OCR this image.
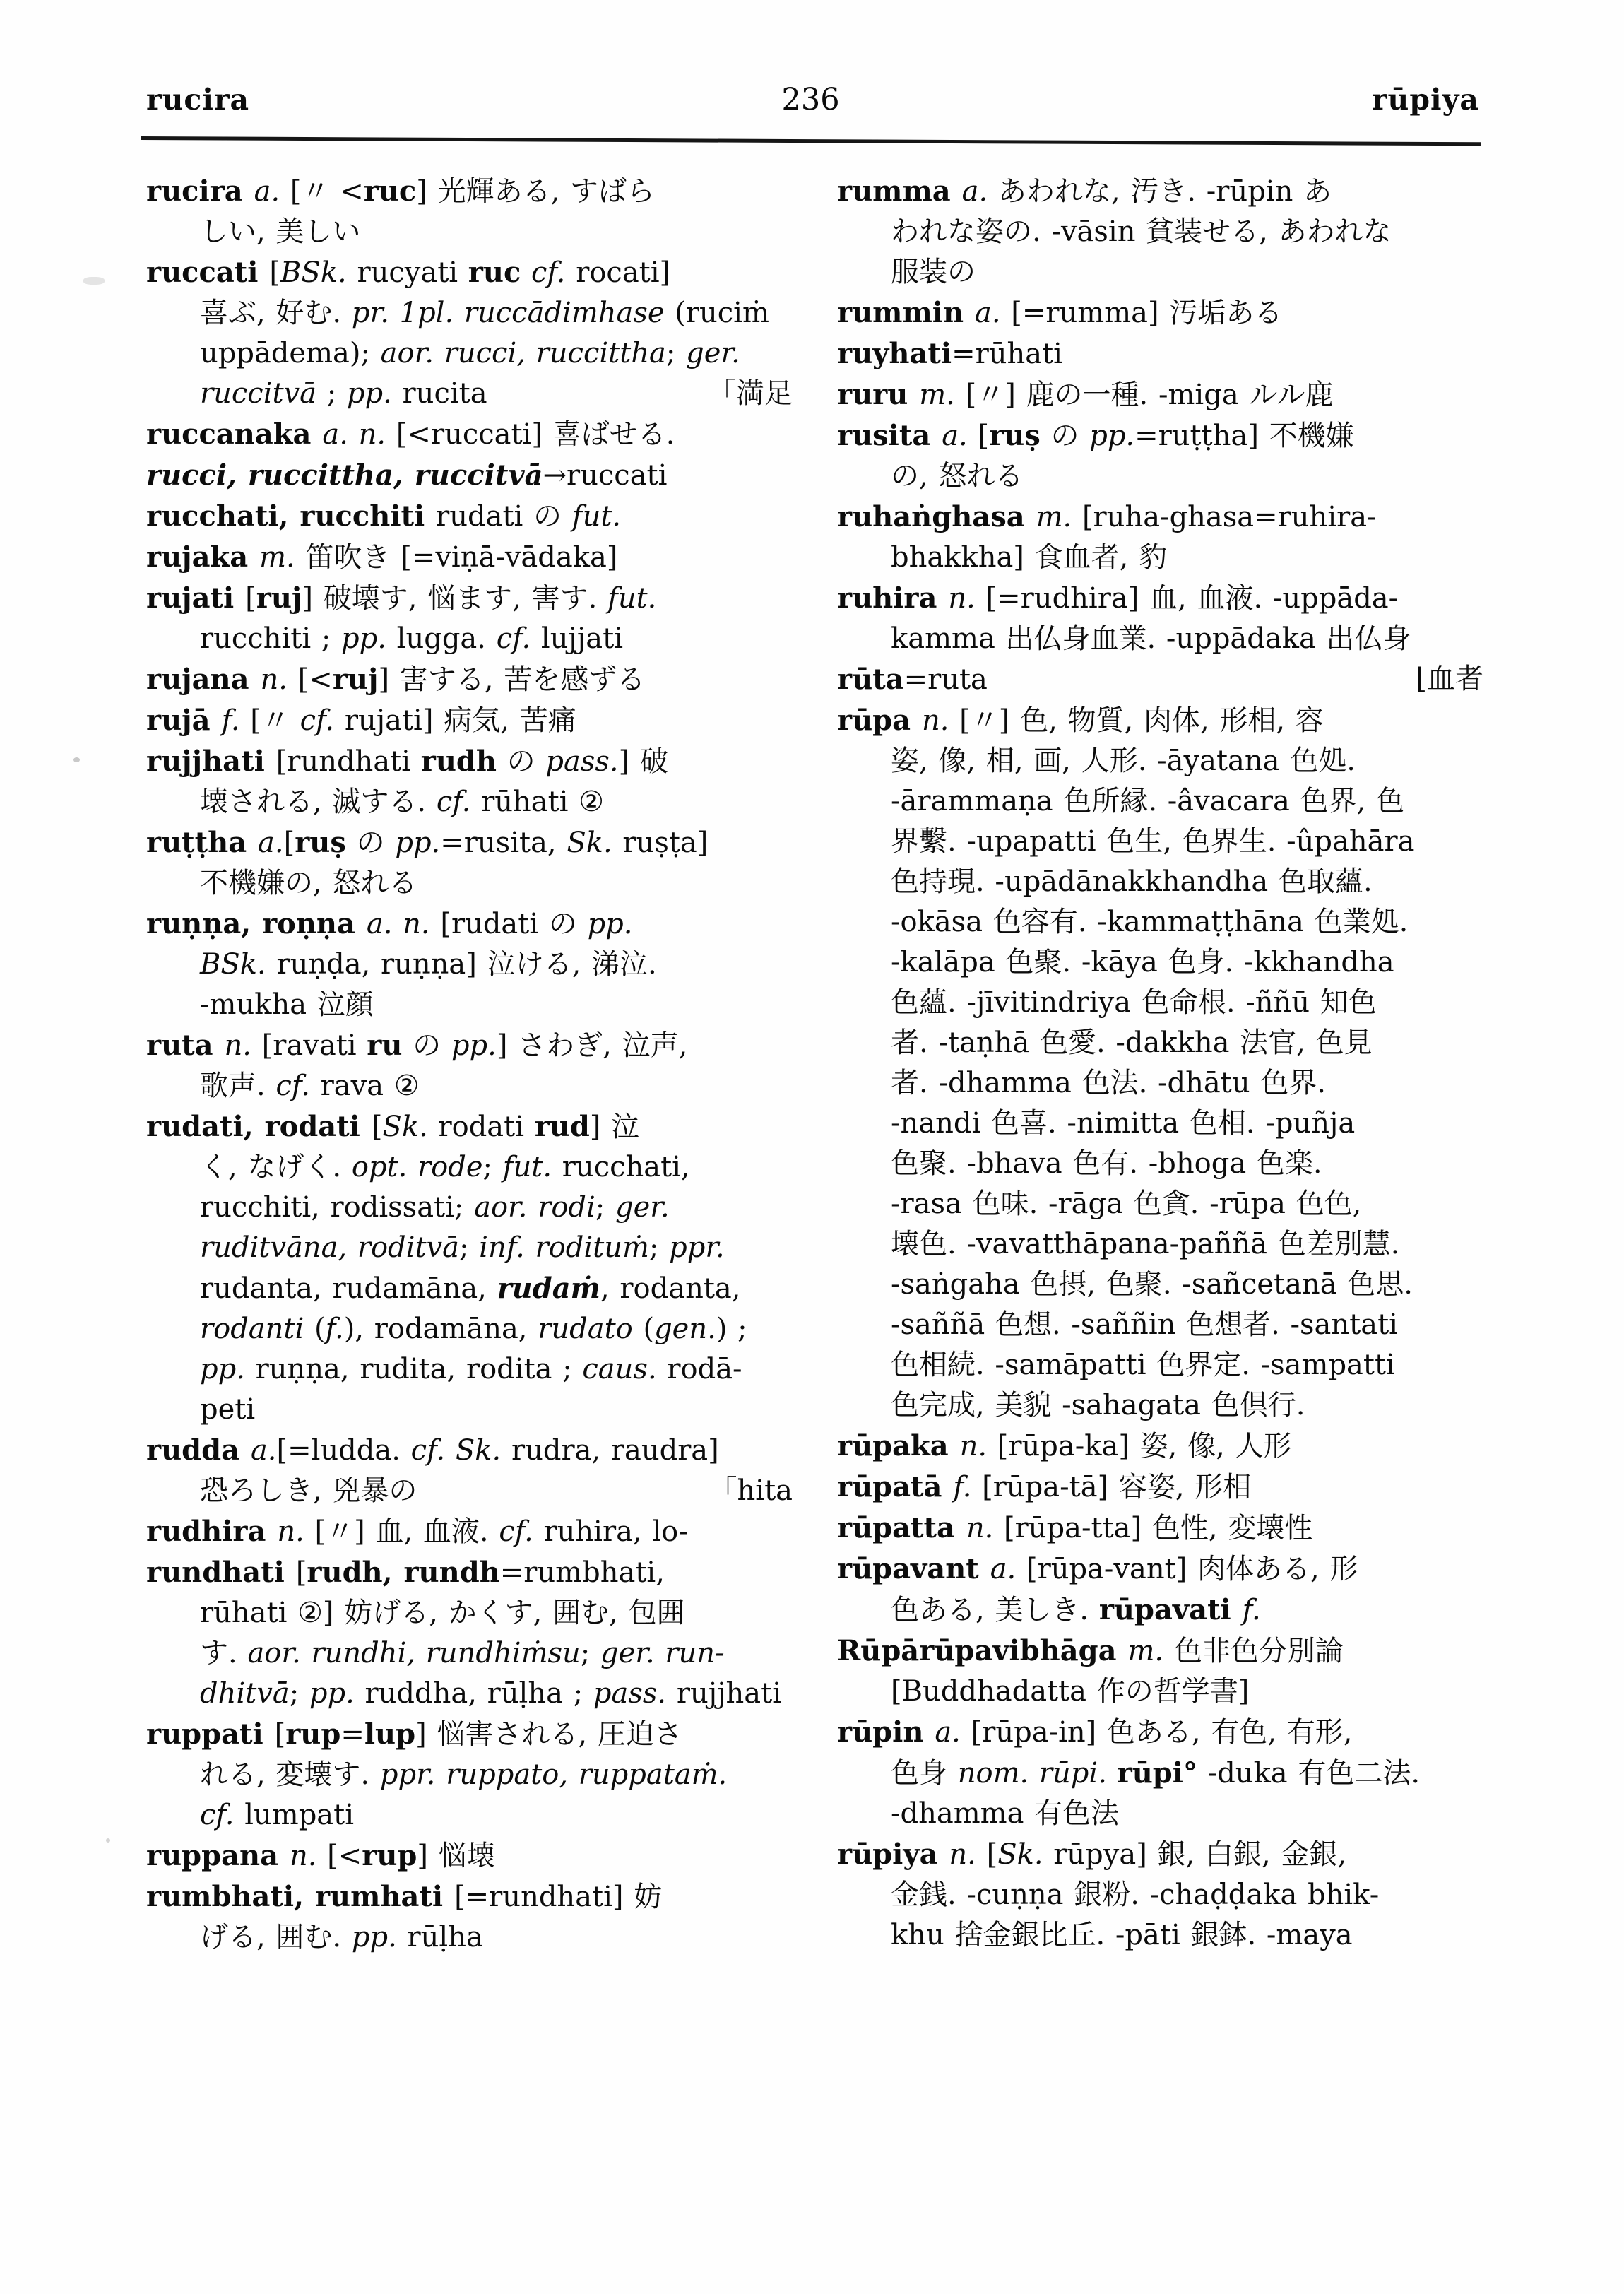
rucira	236	rūpiya
rucira a. [〃 <ruc] 光輝ある, すばら
しい, 美しい
ruccati [BSk. rucyati ruc cf. rocati]
喜ぶ, 好む. pr. 1pl. ruccādimhase (ruciṁ
uppādema); aor. rucci, ruccittha; ger.
「満足
ruccitvā ; pp. rucita
ruccanaka a. n. [<ruccati] 喜ばせる.
rucci, ruccittha, ruccitvā→ruccati
rucchati, rucchiti rudati の fut.
rujaka m. 笛吹き [=viṇā-vādaka]
rujati [ruj] 破壊す, 悩ます, 害す. fut.
rucchiti ; pp. lugga. cf. lujjati
rujana n. [<ruj] 害する, 苦を感ずる
rujā f. [〃 cf. rujati] 病気, 苦痛
rujjhati [rundhati rudh の pass.] 破
壊される, 滅する. cf. rūhati ②
ruṭṭha a.[ruṣ の pp.=rusita, Sk. ruṣṭa]
不機嫌の, 怒れる
ruṇṇa, roṇṇa a. n. [rudati の pp.
BSk. ruṇḍa, ruṇṇa] 泣ける, 涕泣.
-mukha 泣顔
ruta n. [ravati ru の pp.] さわぎ, 泣声,
歌声. cf. rava ②
rudati, rodati [Sk. rodati rud] 泣
く, なげく. opt. rode; fut. rucchati,
rucchiti, rodissati; aor. rodi; ger.
ruditvāna, roditvā; inf. rodituṁ; ppr.
rudanta, rudamāna, rudaṁ, rodanta,
rodanti (f.), rodamāna, rudato (gen.) ;
pp. ruṇṇa, rudita, rodita ; caus. rodā-
peti
rudda a.[=ludda. cf. Sk. rudra, raudra]
「hita
恐ろしき, 兇暴の
rudhira n. [〃] 血, 血液. cf. ruhira, lo-
rundhati [rudh, rundh=rumbhati,
rūhati ②] 妨げる, かくす, 囲む, 包囲
す. aor. rundhi, rundhiṁsu; ger. run-
dhitvā; pp. ruddha, rūḷha ; pass. rujjhati
ruppati [rup=lup] 悩害される, 圧迫さ
れる, 変壊す. ppr. ruppato, ruppataṁ.
cf. lumpati
ruppana n. [<rup] 悩壊
rumbhati, rumhati [=rundhati] 妨
げる, 囲む. pp. rūḷha
rumma a. あわれな, 汚き. -rūpin あ
われな姿の. -vāsin 貧装せる, あわれな
服装の
rummin a. [=rumma] 汚垢ある
ruyhati=rūhati
ruru m. [〃] 鹿の一種. -miga ルル鹿
rusita a. [ruṣ の pp.=ruṭṭha] 不機嫌
の, 怒れる
ruhaṅghasa m. [ruha-ghasa=ruhira-
bhakkha] 食血者, 豹
ruhira n. [=rudhira] 血, 血液. -uppāda-
kamma 出仏身血業. -uppādaka 出仏身
⌊血者
rūta=ruta
rūpa n. [〃] 色, 物質, 肉体, 形相, 容
姿, 像, 相, 画, 人形. -āyatana 色処.
-ārammaṇa 色所縁. -âvacara 色界, 色
界繫. -upapatti 色生, 色界生. -ûpahāra
色持現. -upādānakkhandha 色取蘊.
-okāsa 色容有. -kammaṭṭhāna 色業処.
-kalāpa 色聚. -kāya 色身. -kkhandha
色蘊. -jīvitindriya 色命根. -ññū 知色
者. -taṇhā 色愛. -dakkha 法官, 色見
者. -dhamma 色法. -dhātu 色界.
-nandi 色喜. -nimitta 色相. -puñja
色聚. -bhava 色有. -bhoga 色楽.
-rasa 色味. -rāga 色貪. -rūpa 色色,
壊色. -vavatthāpana-paññā 色差別慧.
-saṅgaha 色摂, 色聚. -sañcetanā 色思.
-saññā 色想. -saññin 色想者. -santati
色相続. -samāpatti 色界定. -sampatti
色完成, 美貌 -sahagata 色倶行.
rūpaka n. [rūpa-ka] 姿, 像, 人形
rūpatā f. [rūpa-tā] 容姿, 形相
rūpatta n. [rūpa-tta] 色性, 変壊性
rūpavant a. [rūpa-vant] 肉体ある, 形
色ある, 美しき. rūpavati f.
Rūpārūpavibhāga m. 色非色分別論
[Buddhadatta 作の哲学書]
rūpin a. [rūpa-in] 色ある, 有色, 有形,
色身 nom. rūpi. rūpi° -duka 有色二法.
-dhamma 有色法
rūpiya n. [Sk. rūpya] 銀, 白銀, 金銀,
金銭. -cuṇṇa 銀粉. -chaḍḍaka bhik-
khu 捨金銀比丘. -pāti 銀鉢. -maya
